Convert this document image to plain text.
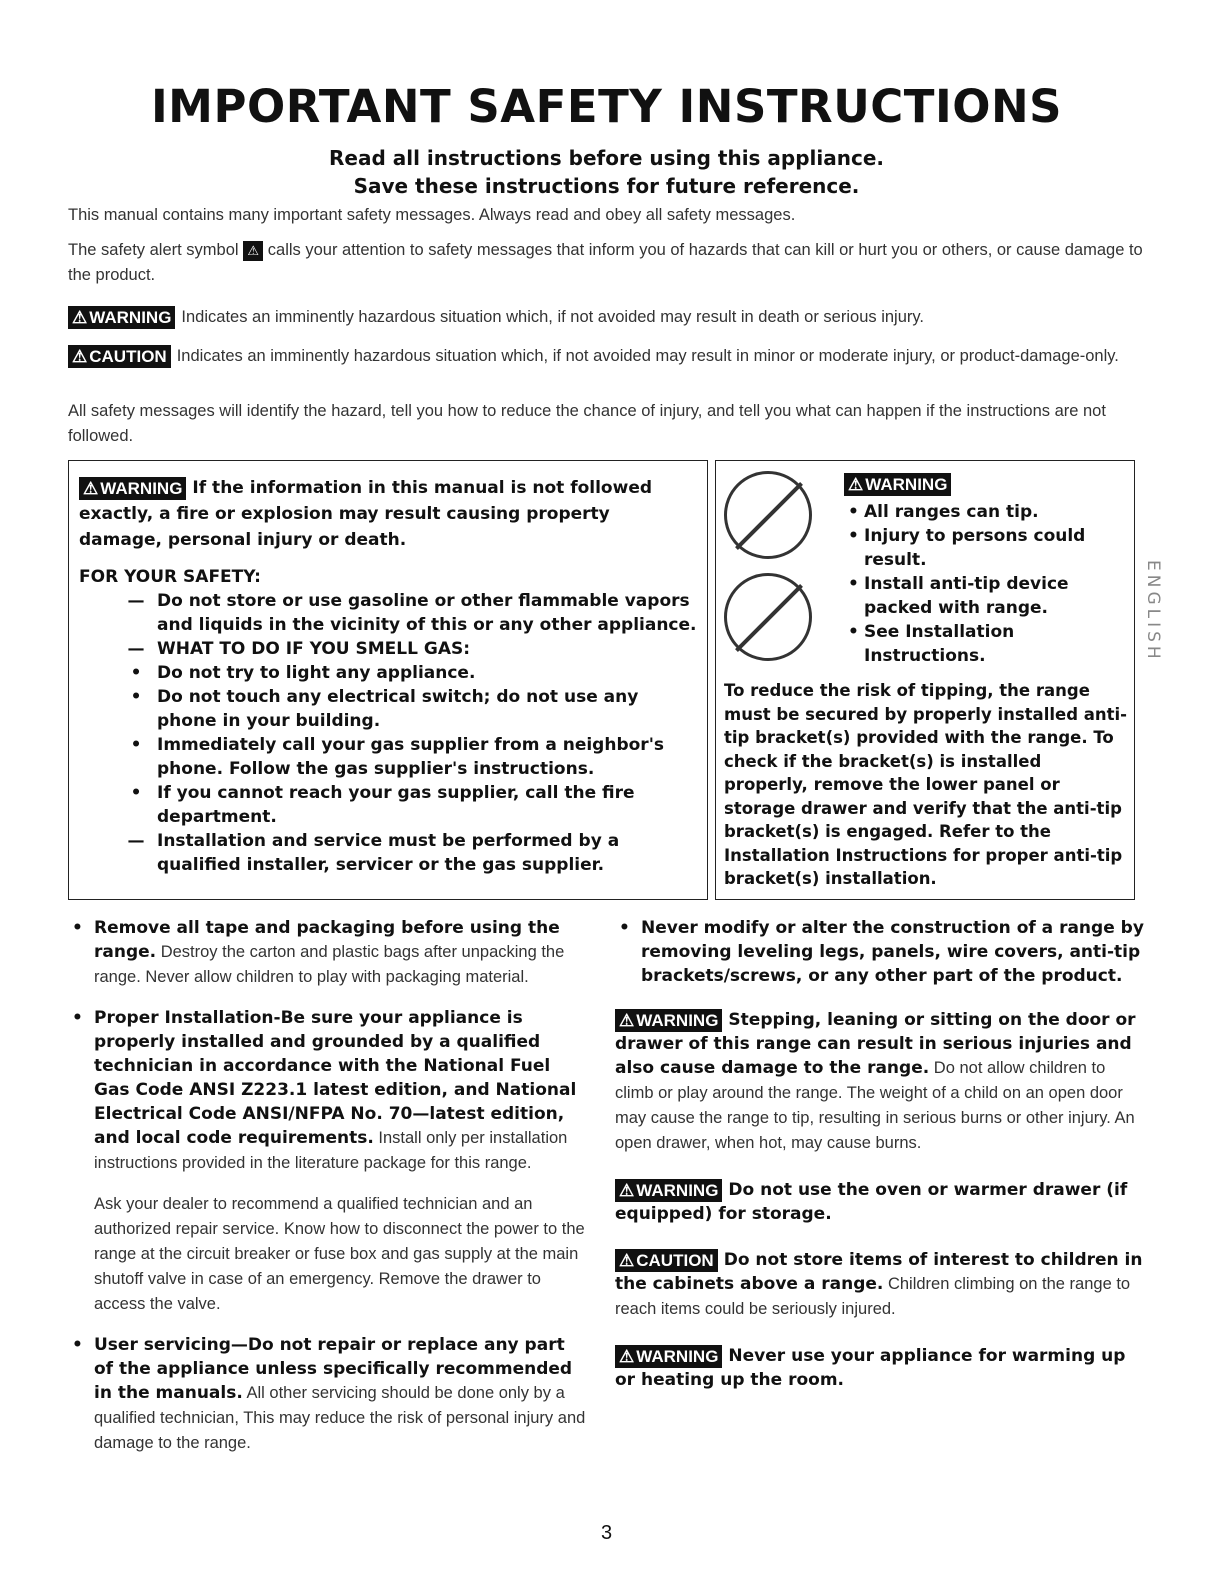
IMPORTANT SAFETY INSTRUCTIONS
Read all instructions before using this appliance.
Save these instructions for future reference.
This manual contains many important safety messages. Always read and obey all safety messages.
The safety alert symbol ⚠ calls your attention to safety messages that inform you of hazards that can kill or hurt you or others, or cause damage to the product.
⚠ WARNING Indicates an imminently hazardous situation which, if not avoided may result in death or serious injury.
⚠ CAUTION Indicates an imminently hazardous situation which, if not avoided may result in minor or moderate injury, or product-damage-only.
All safety messages will identify the hazard, tell you how to reduce the chance of injury, and tell you what can happen if the instructions are not followed.
⚠ WARNING If the information in this manual is not followed exactly, a fire or explosion may result causing property damage, personal injury or death.
FOR YOUR SAFETY:
— Do not store or use gasoline or other flammable vapors and liquids in the vicinity of this or any other appliance.
— WHAT TO DO IF YOU SMELL GAS:
• Do not try to light any appliance.
• Do not touch any electrical switch; do not use any phone in your building.
• Immediately call your gas supplier from a neighbor's phone. Follow the gas supplier's instructions.
• If you cannot reach your gas supplier, call the fire department.
— Installation and service must be performed by a qualified installer, servicer or the gas supplier.
⚠ WARNING
• All ranges can tip.
• Injury to persons could result.
• Install anti-tip device packed with range.
• See Installation Instructions.
To reduce the risk of tipping, the range must be secured by properly installed anti-tip bracket(s) provided with the range. To check if the bracket(s) is installed properly, remove the lower panel or storage drawer and verify that the anti-tip bracket(s) is engaged. Refer to the Installation Instructions for proper anti-tip bracket(s) installation.
• Remove all tape and packaging before using the range. Destroy the carton and plastic bags after unpacking the range. Never allow children to play with packaging material.
• Proper Installation-Be sure your appliance is properly installed and grounded by a qualified technician in accordance with the National Fuel Gas Code ANSI Z223.1 latest edition, and National Electrical Code ANSI/NFPA No. 70—latest edition, and local code requirements. Install only per installation instructions provided in the literature package for this range.
Ask your dealer to recommend a qualified technician and an authorized repair service. Know how to disconnect the power to the range at the circuit breaker or fuse box and gas supply at the main shutoff valve in case of an emergency. Remove the drawer to access the valve.
• User servicing—Do not repair or replace any part of the appliance unless specifically recommended in the manuals. All other servicing should be done only by a qualified technician, This may reduce the risk of personal injury and damage to the range.
• Never modify or alter the construction of a range by removing leveling legs, panels, wire covers, anti-tip brackets/screws, or any other part of the product.
⚠ WARNING Stepping, leaning or sitting on the door or drawer of this range can result in serious injuries and also cause damage to the range. Do not allow children to climb or play around the range. The weight of a child on an open door may cause the range to tip, resulting in serious burns or other injury. An open drawer, when hot, may cause burns.
⚠ WARNING Do not use the oven or warmer drawer (if equipped) for storage.
⚠ CAUTION Do not store items of interest to children in the cabinets above a range. Children climbing on the range to reach items could be seriously injured.
⚠ WARNING Never use your appliance for warming up or heating up the room.
ENGLISH
3
